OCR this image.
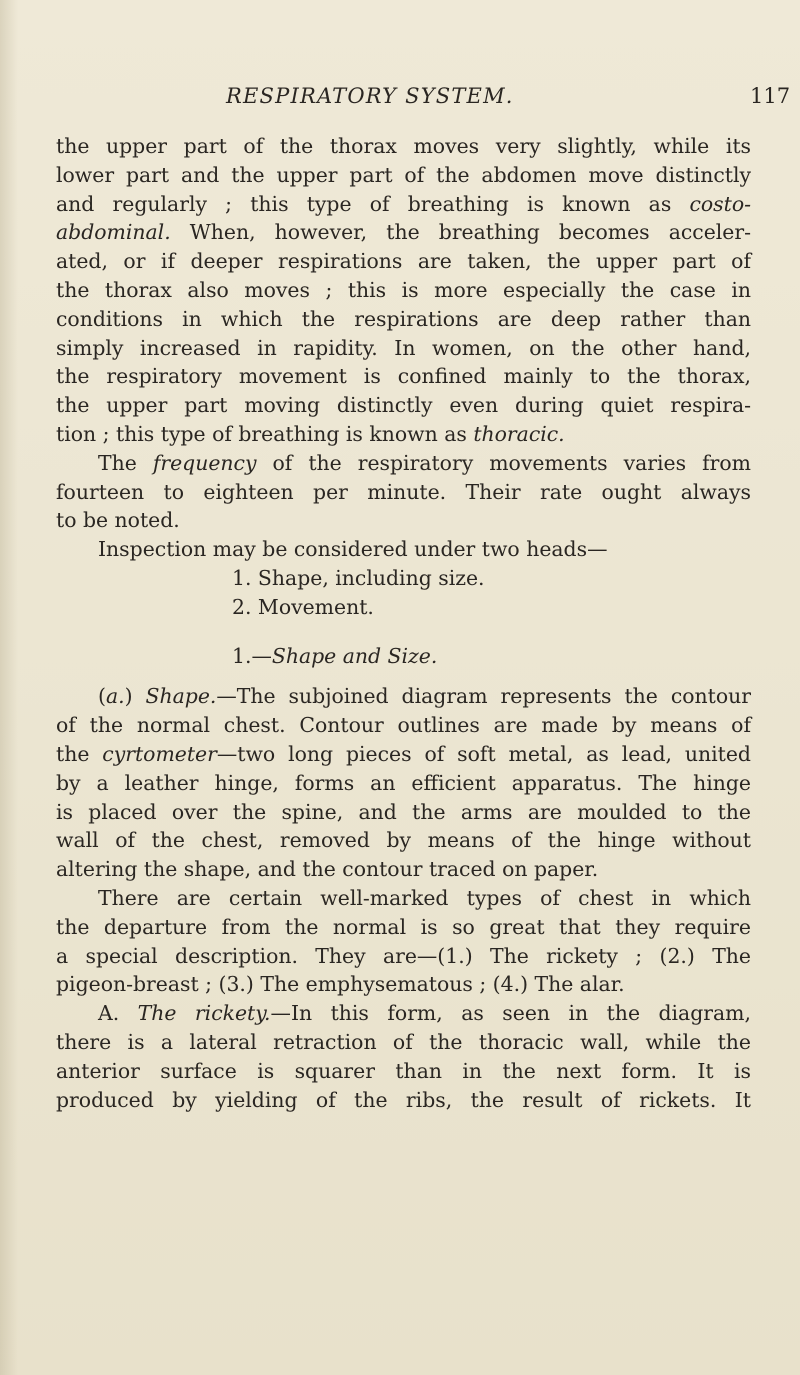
RESPIRATORY SYSTEM.	117
the upper part of the thorax moves very slightly, while its
lower part and the upper part of the abdomen move distinctly
and regularly ; this type of breathing is known as costo-
abdominal. When, however, the breathing becomes acceler-
ated, or if deeper respirations are taken, the upper part of
the thorax also moves ; this is more especially the case in
conditions in which the respirations are deep rather than
simply increased in rapidity. In women, on the other hand,
the respiratory movement is confined mainly to the thorax,
the upper part moving distinctly even during quiet respira-
tion ; this type of breathing is known as thoracic.
The frequency of the respiratory movements varies from
fourteen to eighteen per minute. Their rate ought always
to be noted.
Inspection may be considered under two heads—
1. Shape, including size.
2. Movement.
1.—Shape and Size.
(a.) Shape.—The subjoined diagram represents the contour
of the normal chest. Contour outlines are made by means of
the cyrtometer—two long pieces of soft metal, as lead, united
by a leather hinge, forms an efficient apparatus. The hinge
is placed over the spine, and the arms are moulded to the
wall of the chest, removed by means of the hinge without
altering the shape, and the contour traced on paper.
There are certain well-marked types of chest in which
the departure from the normal is so great that they require
a special description. They are—(1.) The rickety ; (2.) The
pigeon-breast ; (3.) The emphysematous ; (4.) The alar.
A. The rickety.—In this form, as seen in the diagram,
there is a lateral retraction of the thoracic wall, while the
anterior surface is squarer than in the next form. It is
produced by yielding of the ribs, the result of rickets. It
